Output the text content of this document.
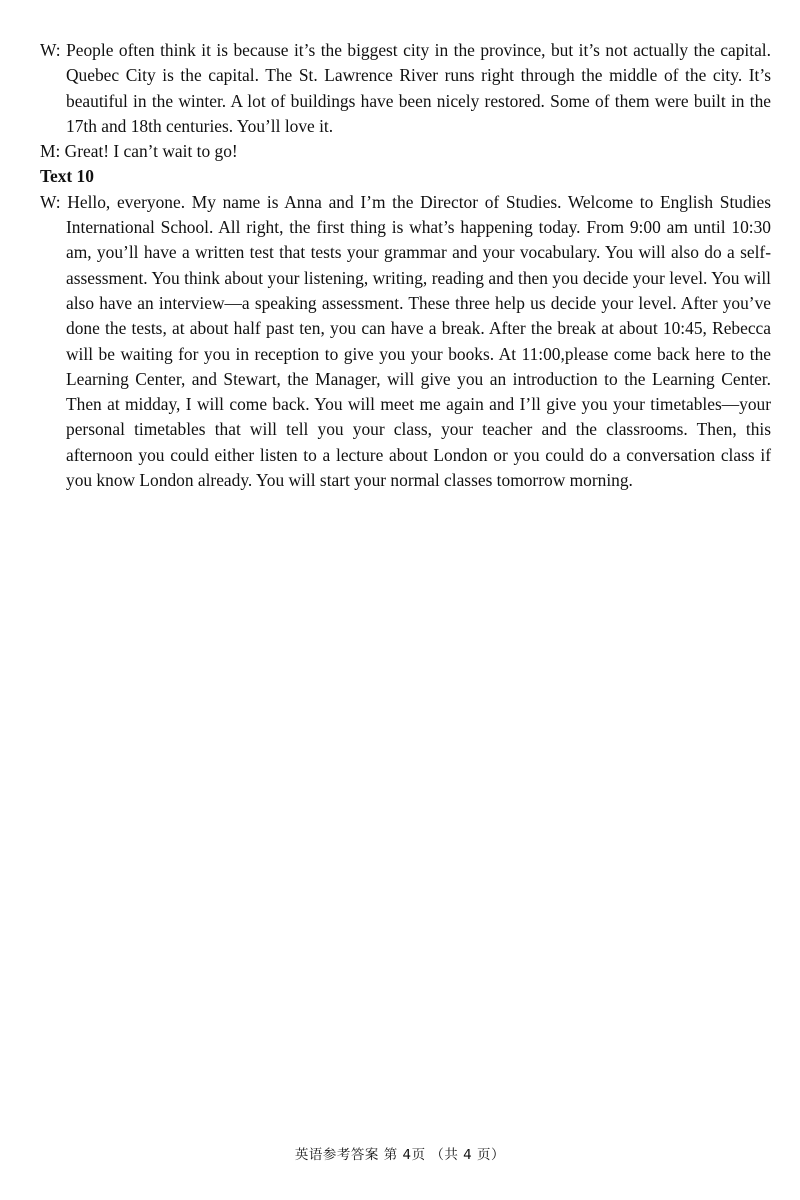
W: People often think it is because it’s the biggest city in the province, but it’s not actually the capital. Quebec City is the capital. The St. Lawrence River runs right through the middle of the city. It’s beautiful in the winter. A lot of buildings have been nicely restored. Some of them were built in the 17th and 18th centuries. You’ll love it.

M: Great! I can’t wait to go!

Text 10

W: Hello, everyone. My name is Anna and I’m the Director of Studies. Welcome to English Studies International School. All right, the first thing is what’s happening today. From 9:00 am until 10:30 am, you’ll have a written test that tests your grammar and your vocabulary. You will also do a self-assessment. You think about your listening, writing, reading and then you decide your level. You will also have an interview—a speaking assessment. These three help us decide your level. After you’ve done the tests, at about half past ten, you can have a break. After the break at about 10:45, Rebecca will be waiting for you in reception to give you your books. At 11:00,please come back here to the Learning Center, and Stewart, the Manager, will give you an introduction to the Learning Center. Then at midday, I will come back. You will meet me again and I’ll give you your timetables—your personal timetables that will tell you your class, your teacher and the classrooms. Then, this afternoon you could either listen to a lecture about London or you could do a conversation class if you know London already. You will start your normal classes tomorrow morning.

英语参考答案 第 4页 （共 4 页）
